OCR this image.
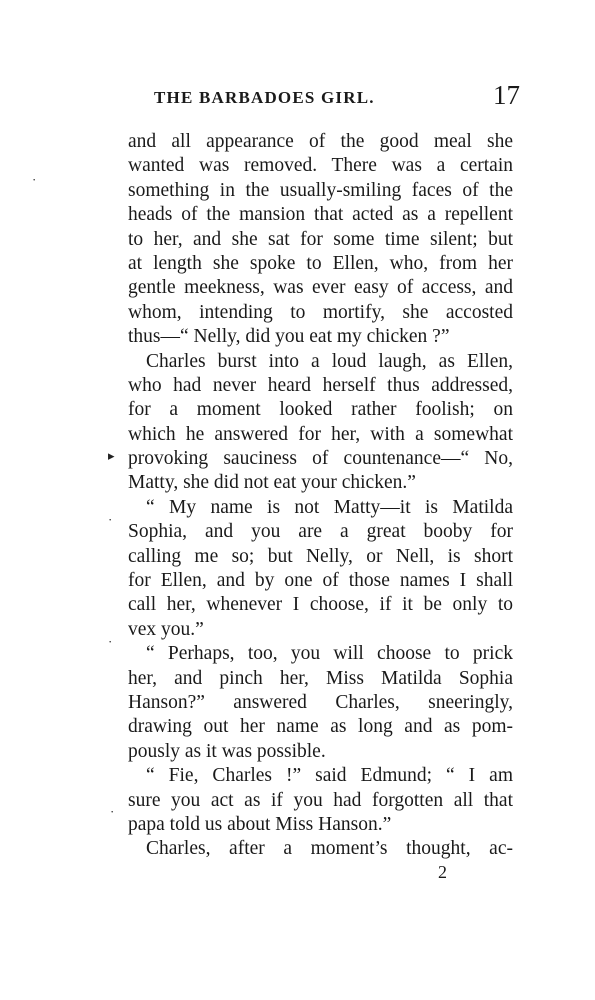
THE BARBADOES GIRL.	17
and all appearance of the good meal she
wanted was removed. There was a certain
something in the usually-smiling faces of the
heads of the mansion that acted as a repellent
to her, and she sat for some time silent; but
at length she spoke to Ellen, who, from her
gentle meekness, was ever easy of access, and
whom, intending to mortify, she accosted
thus—“ Nelly, did you eat my chicken ?”
Charles burst into a loud laugh, as Ellen,
who had never heard herself thus addressed,
for a moment looked rather foolish; on
which he answered for her, with a somewhat
provoking sauciness of countenance—“ No,
Matty, she did not eat your chicken.”
“ My name is not Matty—it is Matilda
Sophia, and you are a great booby for
calling me so; but Nelly, or Nell, is short
for Ellen, and by one of those names I shall
call her, whenever I choose, if it be only to
vex you.”
“ Perhaps, too, you will choose to prick
her, and pinch her, Miss Matilda Sophia
Hanson?” answered Charles, sneeringly,
drawing out her name as long and as pom-
pously as it was possible.
“ Fie, Charles !” said Edmund; “ I am
sure you act as if you had forgotten all that
papa told us about Miss Hanson.”
Charles, after a moment’s thought, ac-
2
·
▸
·
·
·
